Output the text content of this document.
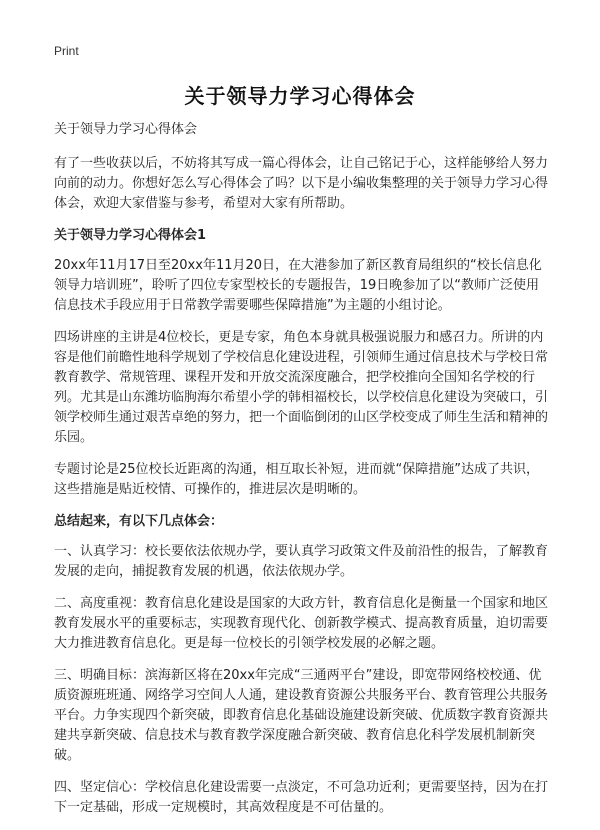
Print
关于领导力学习心得体会

关于领导力学习心得体会

有了一些收获以后，不妨将其写成一篇心得体会，让自己铭记于心，这样能够给人努力向前的动力。你想好怎么写心得体会了吗？以下是小编收集整理的关于领导力学习心得体会，欢迎大家借鉴与参考，希望对大家有所帮助。

关于领导力学习心得体会1

20xx年11月17日至20xx年11月20日，在大港参加了新区教育局组织的“校长信息化领导力培训班”，聆听了四位专家型校长的专题报告，19日晚参加了以“教师广泛使用信息技术手段应用于日常教学需要哪些保障措施”为主题的小组讨论。

四场讲座的主讲是4位校长，更是专家，角色本身就具极强说服力和感召力。所讲的内容是他们前瞻性地科学规划了学校信息化建设进程，引领师生通过信息技术与学校日常教育教学、常规管理、课程开发和开放交流深度融合，把学校推向全国知名学校的行列。尤其是山东潍坊临朐海尔希望小学的韩相福校长，以学校信息化建设为突破口，引领学校师生通过艰苦卓绝的努力，把一个面临倒闭的山区学校变成了师生生活和精神的乐园。

专题讨论是25位校长近距离的沟通，相互取长补短，进而就“保障措施”达成了共识，这些措施是贴近校情、可操作的，推进层次是明晰的。

总结起来，有以下几点体会：

一、认真学习：校长要依法依规办学，要认真学习政策文件及前沿性的报告，了解教育发展的走向，捕捉教育发展的机遇，依法依规办学。

二、高度重视：教育信息化建设是国家的大政方针，教育信息化是衡量一个国家和地区教育发展水平的重要标志，实现教育现代化、创新教学模式、提高教育质量，迫切需要大力推进教育信息化。更是每一位校长的引领学校发展的必解之题。

三、明确目标：滨海新区将在20xx年完成“三通两平台”建设，即宽带网络校校通、优质资源班班通、网络学习空间人人通，建设教育资源公共服务平台、教育管理公共服务平台。力争实现四个新突破，即教育信息化基础设施建设新突破、优质数字教育资源共建共享新突破、信息技术与教育教学深度融合新突破、教育信息化科学发展机制新突破。

四、坚定信心：学校信息化建设需要一点淡定，不可急功近利；更需要坚持，因为在打下一定基础，形成一定规模时，其高效程度是不可估量的。
